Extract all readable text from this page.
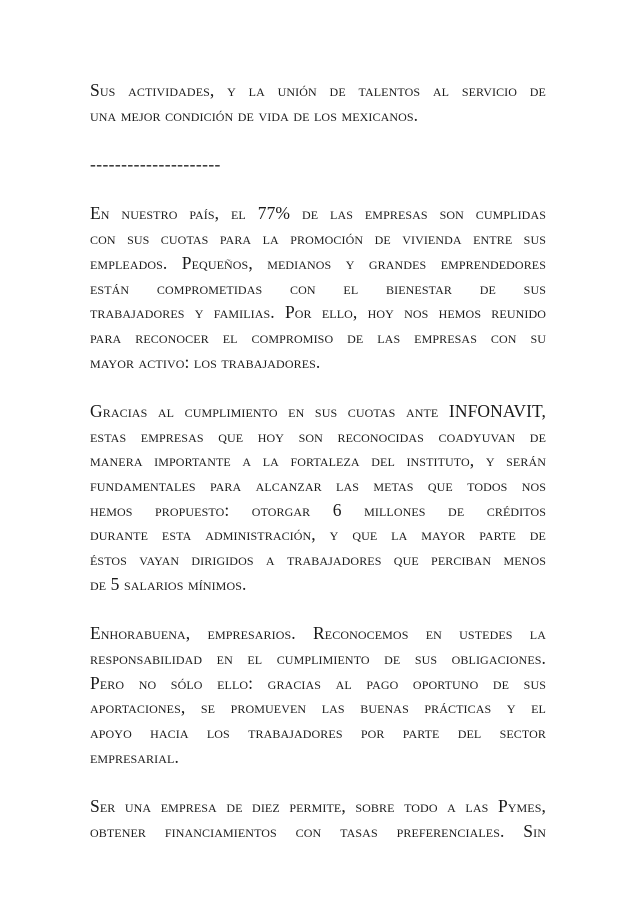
Sus actividades, y la unión de talentos al servicio de
una mejor condición de vida de los mexicanos.
---------------------
En nuestro país, el 77% de las empresas son cumplidas
con sus cuotas para la promoción de vivienda entre sus
empleados. Pequeños, medianos y grandes emprendedores
están comprometidas con el bienestar de sus
trabajadores y familias. Por ello, hoy nos hemos reunido
para reconocer el compromiso de las empresas con su
mayor activo: los trabajadores.
Gracias al cumplimiento en sus cuotas ante INFONAVIT,
estas empresas que hoy son reconocidas coadyuvan de
manera importante a la fortaleza del instituto, y serán
fundamentales para alcanzar las metas que todos nos
hemos propuesto: otorgar 6 millones de créditos
durante esta administración, y que la mayor parte de
éstos vayan dirigidos a trabajadores que perciban menos
de 5 salarios mínimos.
Enhorabuena, empresarios. Reconocemos en ustedes la
responsabilidad en el cumplimiento de sus obligaciones.
Pero no sólo ello: gracias al pago oportuno de sus
aportaciones, se promueven las buenas prácticas y el
apoyo hacia los trabajadores por parte del sector
empresarial.
Ser una empresa de diez permite, sobre todo a las Pymes,
obtener financiamientos con tasas preferenciales. Sin
